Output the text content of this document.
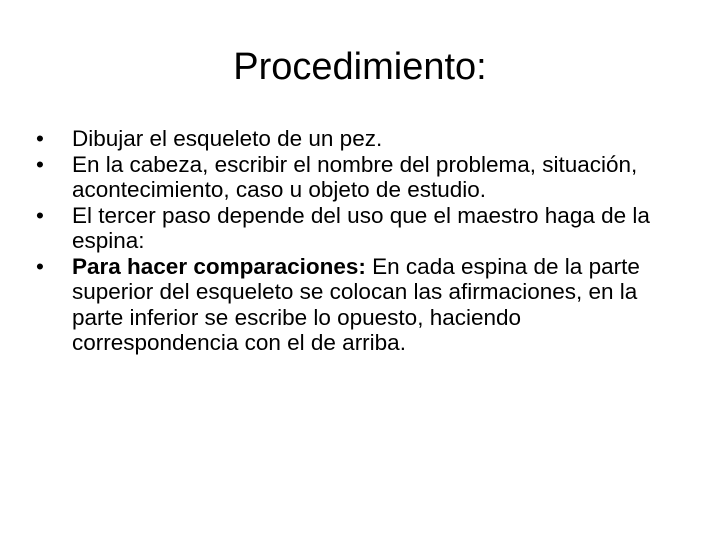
Procedimiento:
• Dibujar el esqueleto de un pez.
• En la cabeza, escribir el nombre del problema, situación, acontecimiento, caso u objeto de estudio.
• El tercer paso depende del uso que el maestro haga de la espina:
• Para hacer comparaciones: En cada espina de la parte superior del esqueleto se colocan las afirmaciones, en la parte inferior se escribe lo opuesto, haciendo correspondencia con el de arriba.
